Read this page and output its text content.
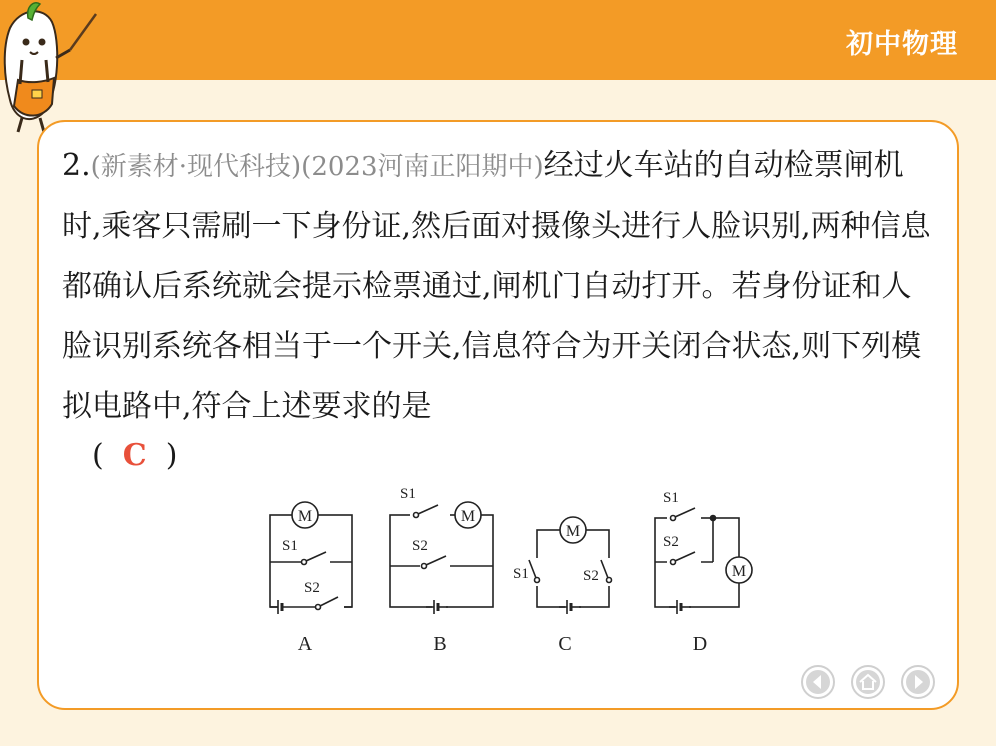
初中物理
2.(新素材·现代科技)(2023河南正阳期中)经过火车站的自动检票闸机时,乘客只需刷一下身份证,然后面对摄像头进行人脸识别,两种信息都确认后系统就会提示检票通过,闸机门自动打开。若身份证和人脸识别系统各相当于一个开关,信息符合为开关闭合状态,则下列模拟电路中,符合上述要求的是
( C )
M
S1
S2
A
M
S1
S2
B
M
S1	S2
C
S1
S2
M
D
